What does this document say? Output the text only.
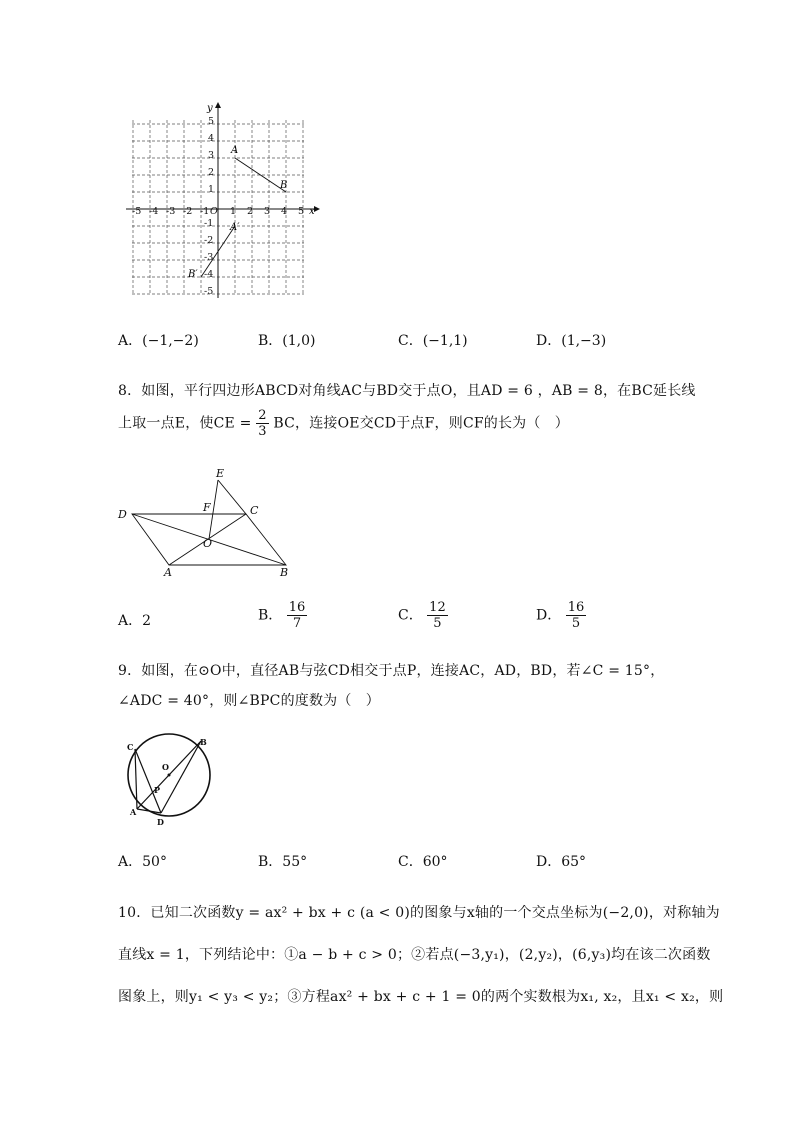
x
y
-5 -4 -3 -2 -1 O 1 2 3 4 5
5
4
3
2
1
-1
-2
-3
-4
-5
A
B
A′
B′
A．(−1,−2)	B．(1,0)	C．(−1,1)	D．(1,−3)
8．如图，平行四边形ABCD对角线AC与BD交于点O，且AD = 6 ，AB = 8，在BC延长线
上取一点E，使CE = $\frac{2}{3}$ BC，连接OE交CD于点F，则CF的长为（　）
D	C
A	B
E
F
O
A．2	B． $\frac{16}{7}$	C． $\frac{12}{5}$	D． $\frac{16}{5}$
9．如图，在⊙O中，直径AB与弦CD相交于点P，连接AC，AD，BD，若∠C = 15°，
∠ADC = 40°，则∠BPC的度数为（　）
C	B
O
P
A
D
A．50°	B．55°	C．60°	D．65°
10．已知二次函数y = ax² + bx + c (a < 0)的图象与x轴的一个交点坐标为(−2,0)，对称轴为
直线x = 1，下列结论中：①a − b + c > 0；②若点(−3,y₁)，(2,y₂)，(6,y₃)均在该二次函数
图象上，则y₁ < y₃ < y₂；③方程ax² + bx + c + 1 = 0的两个实数根为x₁, x₂，且x₁ < x₂，则
